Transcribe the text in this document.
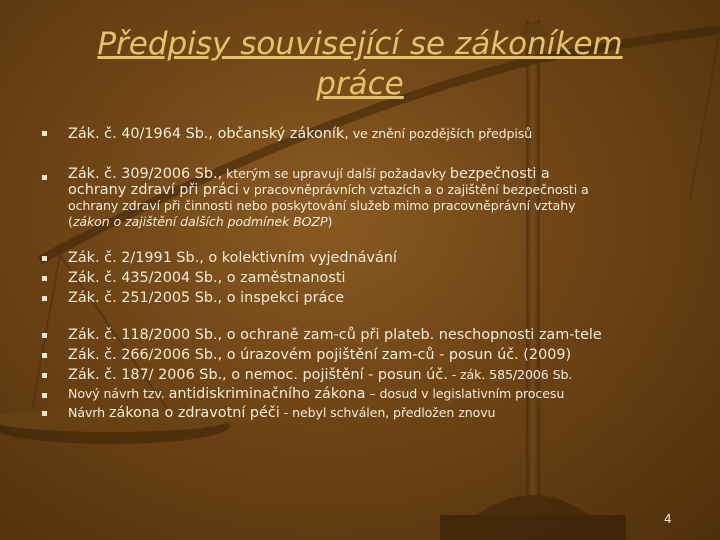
Předpisy související se zákoníkem
práce
Zák. č. 40/1964 Sb., občanský zákoník, ve znění pozdějších předpisů
Zák. č. 309/2006 Sb., kterým se upravují další požadavky bezpečnosti a
ochrany zdraví při práci v pracovněprávních vztazích a o zajištění bezpečnosti a
ochrany zdraví při činnosti nebo poskytování služeb mimo pracovněprávní vztahy
(zákon o zajištění dalších podmínek BOZP)
Zák. č. 2/1991 Sb., o kolektivním vyjednávání
Zák. č. 435/2004 Sb., o zaměstnanosti
Zák. č. 251/2005 Sb., o inspekci práce
Zák. č. 118/2000 Sb., o ochraně zam-ců při plateb. neschopnosti zam-tele
Zák. č. 266/2006 Sb., o úrazovém pojištění zam-ců - posun úč. (2009)
Zák. č. 187/ 2006 Sb., o nemoc. pojištění - posun úč. - zák. 585/2006 Sb.
Nový návrh tzv. antidiskriminačního zákona – dosud v legislativním procesu
Návrh zákona o zdravotní péči - nebyl schválen, předložen znovu
4
